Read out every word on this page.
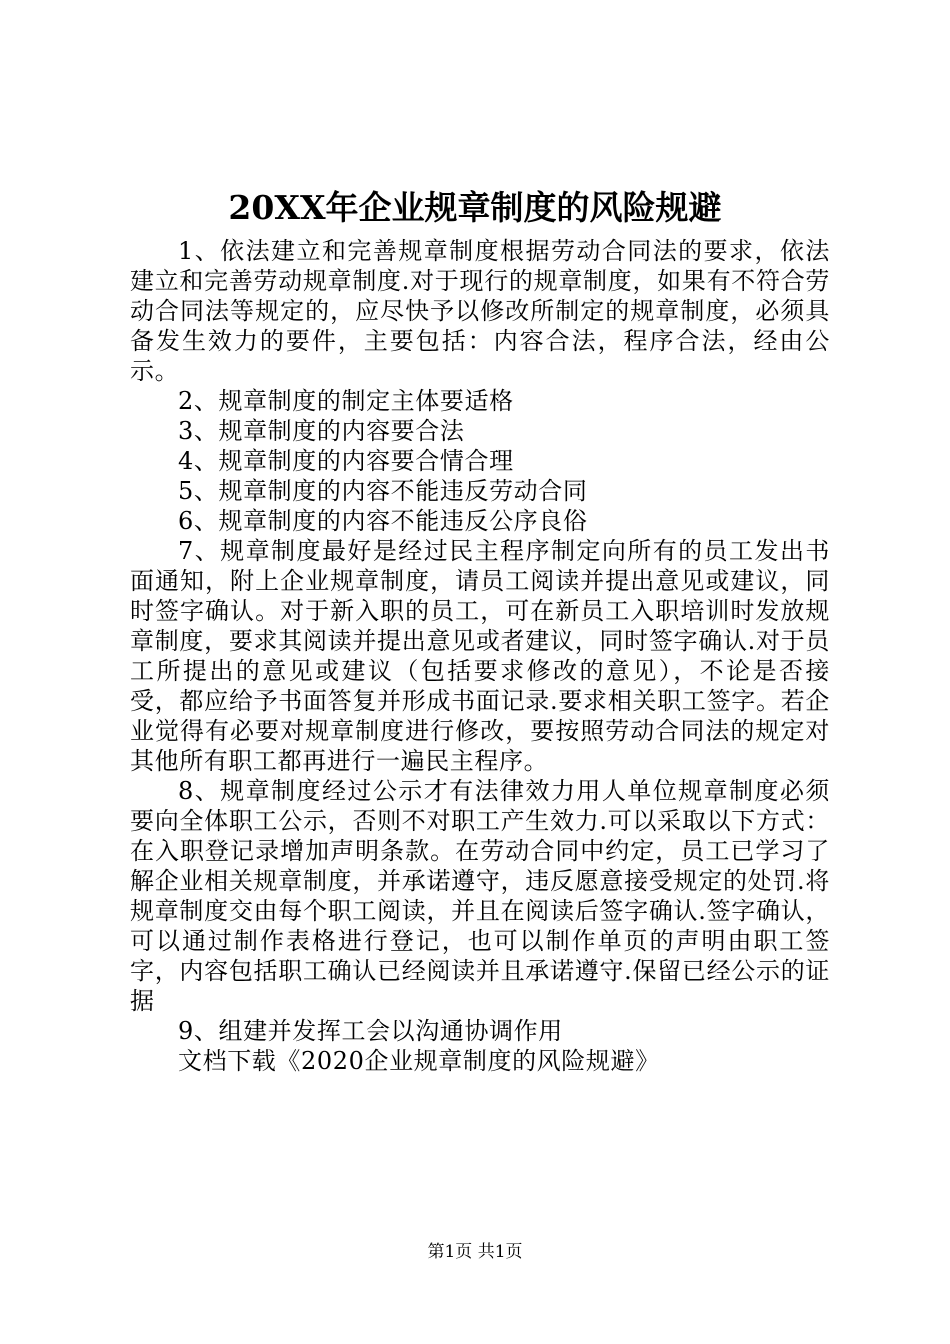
20XX年企业规章制度的风险规避

1、依法建立和完善规章制度根据劳动合同法的要求，依法建立和完善劳动规章制度.对于现行的规章制度，如果有不符合劳动合同法等规定的，应尽快予以修改所制定的规章制度，必须具备发生效力的要件，主要包括：内容合法，程序合法，经由公示。

2、规章制度的制定主体要适格

3、规章制度的内容要合法

4、规章制度的内容要合情合理

5、规章制度的内容不能违反劳动合同

6、规章制度的内容不能违反公序良俗

7、规章制度最好是经过民主程序制定向所有的员工发出书面通知，附上企业规章制度，请员工阅读并提出意见或建议，同时签字确认。对于新入职的员工，可在新员工入职培训时发放规章制度，要求其阅读并提出意见或者建议，同时签字确认.对于员工所提出的意见或建议（包括要求修改的意见），不论是否接受，都应给予书面答复并形成书面记录.要求相关职工签字。若企业觉得有必要对规章制度进行修改，要按照劳动合同法的规定对其他所有职工都再进行一遍民主程序。

8、规章制度经过公示才有法律效力用人单位规章制度必须要向全体职工公示，否则不对职工产生效力.可以采取以下方式：在入职登记录增加声明条款。在劳动合同中约定，员工已学习了解企业相关规章制度，并承诺遵守，违反愿意接受规定的处罚.将规章制度交由每个职工阅读，并且在阅读后签字确认.签字确认，可以通过制作表格进行登记，也可以制作单页的声明由职工签字，内容包括职工确认已经阅读并且承诺遵守.保留已经公示的证据

9、组建并发挥工会以沟通协调作用

文档下载《2020企业规章制度的风险规避》

第1页 共1页
